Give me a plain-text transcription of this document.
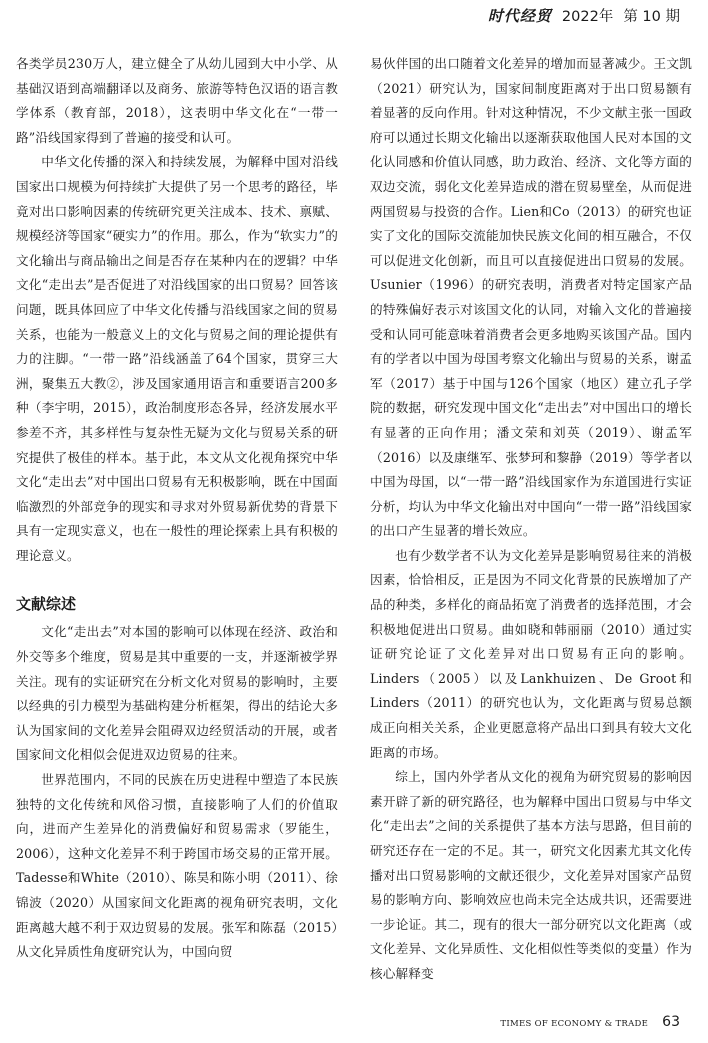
时代经贸 2022年 第 10 期

各类学员230万人，建立健全了从幼儿园到大中小学、从基础汉语到高端翻译以及商务、旅游等特色汉语的语言教学体系（教育部，2018），这表明中华文化在“一带一路”沿线国家得到了普遍的接受和认可。

中华文化传播的深入和持续发展，为解释中国对沿线国家出口规模为何持续扩大提供了另一个思考的路径，毕竟对出口影响因素的传统研究更关注成本、技术、禀赋、规模经济等国家“硬实力”的作用。那么，作为“软实力”的文化输出与商品输出之间是否存在某种内在的逻辑？中华文化“走出去”是否促进了对沿线国家的出口贸易？回答该问题，既具体回应了中华文化传播与沿线国家之间的贸易关系，也能为一般意义上的文化与贸易之间的理论提供有力的注脚。“一带一路”沿线涵盖了64个国家，贯穿三大洲，聚集五大教②，涉及国家通用语言和重要语言200多种（李宇明，2015），政治制度形态各异，经济发展水平参差不齐，其多样性与复杂性无疑为文化与贸易关系的研究提供了极佳的样本。基于此，本文从文化视角探究中华文化“走出去”对中国出口贸易有无积极影响，既在中国面临激烈的外部竞争的现实和寻求对外贸易新优势的背景下具有一定现实意义，也在一般性的理论探索上具有积极的理论意义。

文献综述

文化“走出去”对本国的影响可以体现在经济、政治和外交等多个维度，贸易是其中重要的一支，并逐渐被学界关注。现有的实证研究在分析文化对贸易的影响时，主要以经典的引力模型为基础构建分析框架，得出的结论大多认为国家间的文化差异会阻碍双边经贸活动的开展，或者国家间文化相似会促进双边贸易的往来。

世界范围内，不同的民族在历史进程中塑造了本民族独特的文化传统和风俗习惯，直接影响了人们的价值取向，进而产生差异化的消费偏好和贸易需求（罗能生，2006），这种文化差异不利于跨国市场交易的正常开展。Tadesse和White（2010）、陈昊和陈小明（2011）、徐锦波（2020）从国家间文化距离的视角研究表明，文化距离越大越不利于双边贸易的发展。张军和陈磊（2015）从文化异质性角度研究认为，中国向贸

易伙伴国的出口随着文化差异的增加而显著减少。王文凯（2021）研究认为，国家间制度距离对于出口贸易额有着显著的反向作用。针对这种情况，不少文献主张一国政府可以通过长期文化输出以逐渐获取他国人民对本国的文化认同感和价值认同感，助力政治、经济、文化等方面的双边交流，弱化文化差异造成的潜在贸易壁垒，从而促进两国贸易与投资的合作。Lien和Co（2013）的研究也证实了文化的国际交流能加快民族文化间的相互融合，不仅可以促进文化创新，而且可以直接促进出口贸易的发展。Usunier（1996）的研究表明，消费者对特定国家产品的特殊偏好表示对该国文化的认同，对输入文化的普遍接受和认同可能意味着消费者会更多地购买该国产品。国内有的学者以中国为母国考察文化输出与贸易的关系，谢孟军（2017）基于中国与126个国家（地区）建立孔子学院的数据，研究发现中国文化“走出去”对中国出口的增长有显著的正向作用；潘文荣和刘英（2019）、谢孟军（2016）以及康继军、张梦珂和黎静（2019）等学者以中国为母国，以“一带一路”沿线国家作为东道国进行实证分析，均认为中华文化输出对中国向“一带一路”沿线国家的出口产生显著的增长效应。

也有少数学者不认为文化差异是影响贸易往来的消极因素，恰恰相反，正是因为不同文化背景的民族增加了产品的种类，多样化的商品拓宽了消费者的选择范围，才会积极地促进出口贸易。曲如晓和韩丽丽（2010）通过实证研究论证了文化差异对出口贸易有正向的影响。Linders（2005）以及Lankhuizen、De Groot和Linders（2011）的研究也认为，文化距离与贸易总额成正向相关关系，企业更愿意将产品出口到具有较大文化距离的市场。

综上，国内外学者从文化的视角为研究贸易的影响因素开辟了新的研究路径，也为解释中国出口贸易与中华文化“走出去”之间的关系提供了基本方法与思路，但目前的研究还存在一定的不足。其一，研究文化因素尤其文化传播对出口贸易影响的文献还很少，文化差异对国家产品贸易的影响方向、影响效应也尚未完全达成共识，还需要进一步论证。其二，现有的很大一部分研究以文化距离（或文化差异、文化异质性、文化相似性等类似的变量）作为核心解释变

TIMES OF ECONOMY & TRADE 63
